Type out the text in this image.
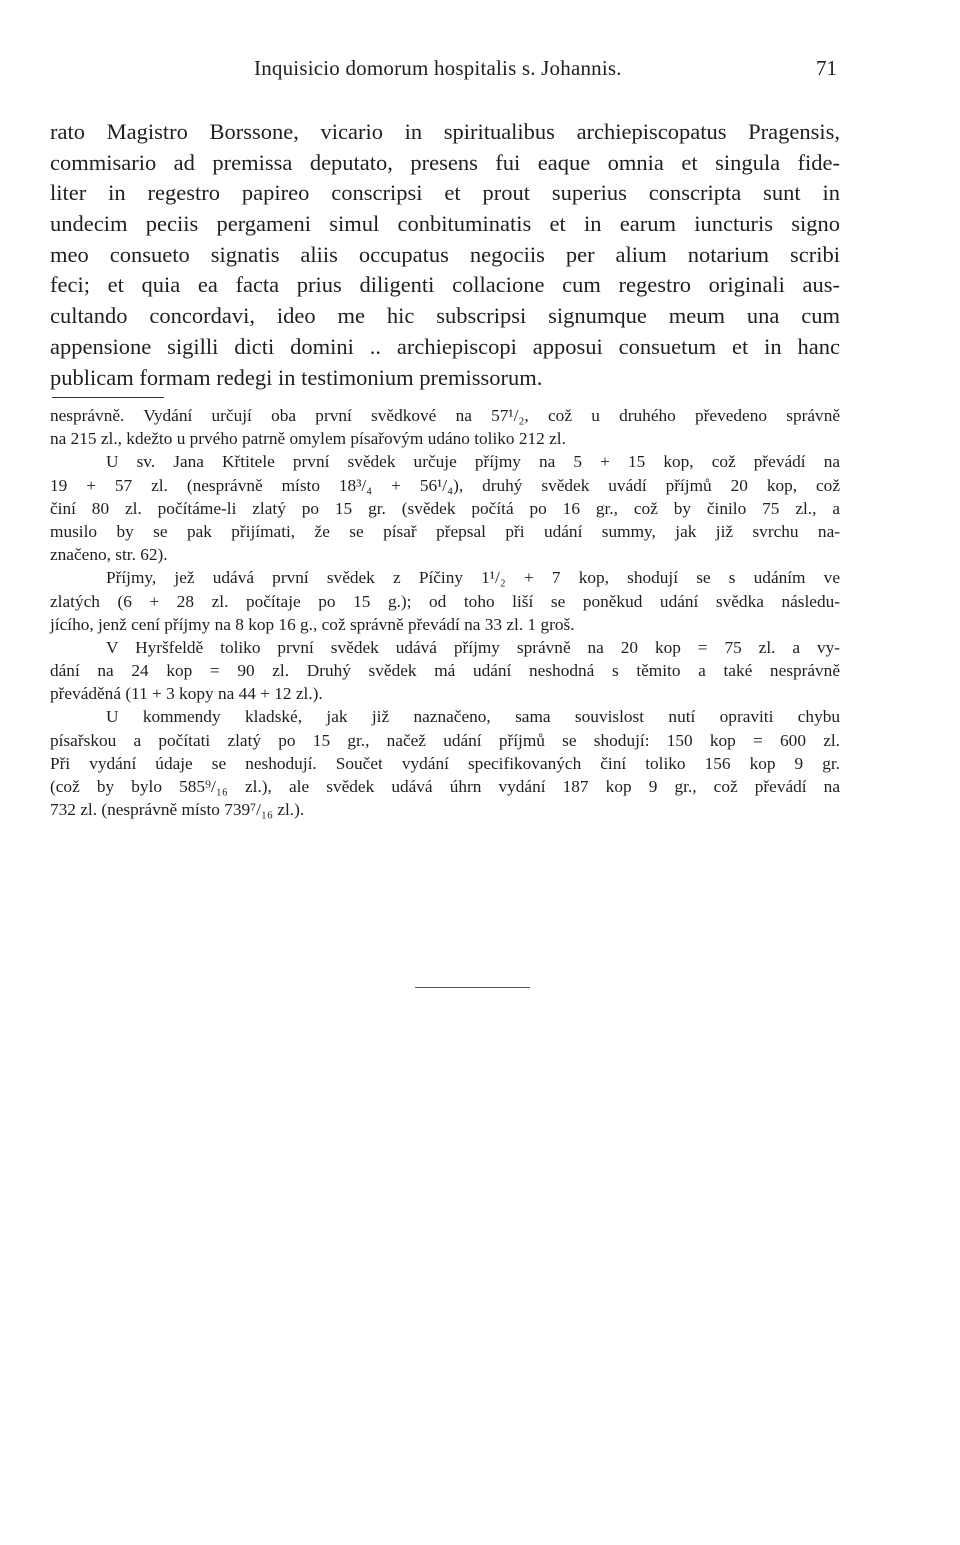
Inquisicio domorum hospitalis s. Johannis.	71
rato Magistro Borssone, vicario in spiritualibus archiepiscopatus Pragensis,
commisario ad premissa deputato, presens fui eaque omnia et singula fide-
liter in regestro papireo conscripsi et prout superius conscripta sunt in
undecim peciis pergameni simul conbituminatis et in earum iuncturis signo
meo consueto signatis aliis occupatus negociis per alium notarium scribi
feci; et quia ea facta prius diligenti collacione cum regestro originali aus-
cultando concordavi, ideo me hic subscripsi signumque meum una cum
appensione sigilli dicti domini .. archiepiscopi apposui consuetum et in hanc
publicam formam redegi in testimonium premissorum.
nesprávně. Vydání určují oba první svědkové na 57¹/₂, což u druhého převedeno správně
na 215 zl., kdežto u prvého patrně omylem písařovým udáno toliko 212 zl.
U sv. Jana Křtitele první svědek určuje příjmy na 5 + 15 kop, což převádí na
19 + 57 zl. (nesprávně místo 18³/₄ + 56¹/₄), druhý svědek uvádí příjmů 20 kop, což
činí 80 zl. počítáme-li zlatý po 15 gr. (svědek počítá po 16 gr., což by činilo 75 zl., a
musilo by se pak přijímati, že se písař přepsal při udání summy, jak již svrchu na-
značeno, str. 62).
Příjmy, jež udává první svědek z Píčiny 1¹/₂ + 7 kop, shodují se s udáním ve
zlatých (6 + 28 zl. počítaje po 15 g.); od toho liší se poněkud udání svědka následu-
jícího, jenž cení příjmy na 8 kop 16 g., což správně převádí na 33 zl. 1 groš.
V Hyršfeldě toliko první svědek udává příjmy správně na 20 kop = 75 zl. a vy-
dání na 24 kop = 90 zl. Druhý svědek má udání neshodná s těmito a také nesprávně
převáděná (11 + 3 kopy na 44 + 12 zl.).
U kommendy kladské, jak již naznačeno, sama souvislost nutí opraviti chybu
písařskou a počítati zlatý po 15 gr., načež udání příjmů se shodují: 150 kop = 600 zl.
Při vydání údaje se neshodují. Součet vydání specifikovaných činí toliko 156 kop 9 gr.
(což by bylo 585⁹/₁₆ zl.), ale svědek udává úhrn vydání 187 kop 9 gr., což převádí na
732 zl. (nesprávně místo 739⁷/₁₆ zl.).
